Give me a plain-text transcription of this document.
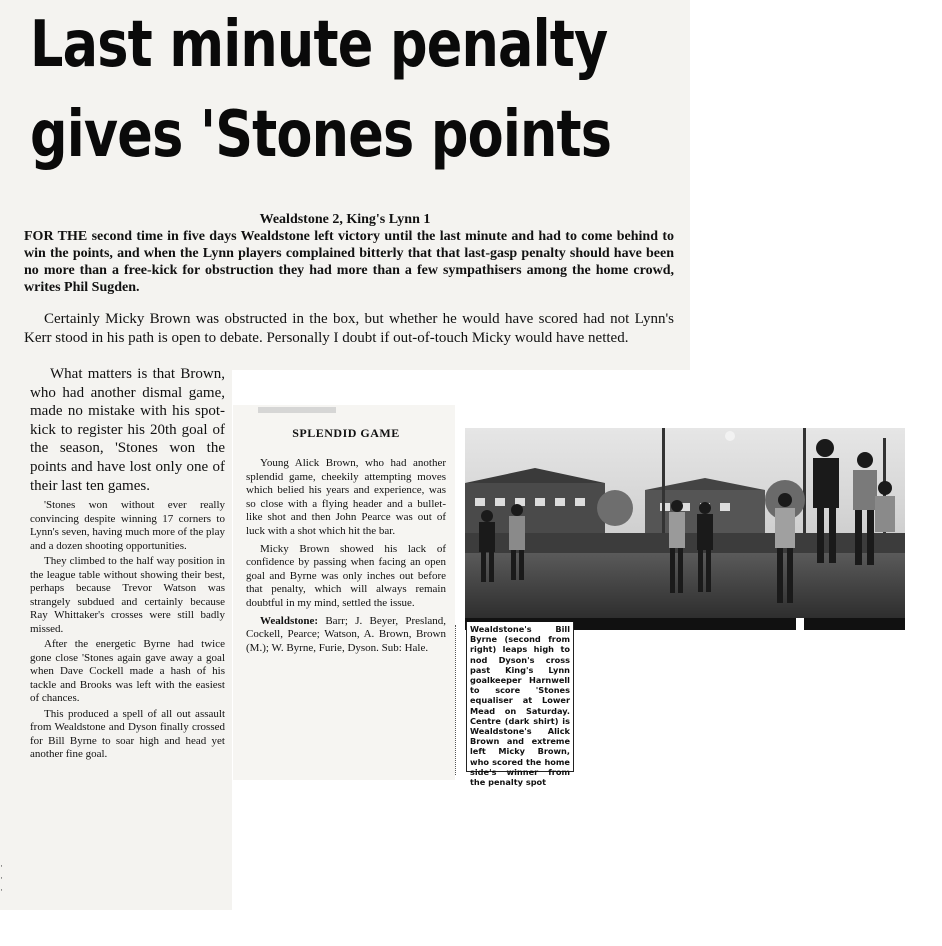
Last minute penalty
gives 'Stones points
Wealdstone 2, King's Lynn 1
FOR THE second time in five days Wealdstone left victory until the last minute and had to come behind to win the points, and when the Lynn players complained bitterly that that last-gasp penalty should have been no more than a free-kick for obstruction they had more than a few sympathisers among the home crowd, writes Phil Sugden.
Certainly Micky Brown was obstructed in the box, but whether he would have scored had not Lynn's Kerr stood in his path is open to debate. Personally I doubt if out-of-touch Micky would have netted.

What matters is that Brown, who had another dismal game, made no mistake with his spot-kick to register his 20th goal of the season, 'Stones won the points and have lost only one of their last ten games.

'Stones won without ever really convincing despite winning 17 corners to Lynn's seven, having much more of the play and a dozen shooting opportunities.

They climbed to the half way position in the league table without showing their best, perhaps because Trevor Watson was strangely subdued and certainly because Ray Whittaker's crosses were still badly missed.

After the energetic Byrne had twice gone close 'Stones again gave away a goal when Dave Cockell made a hash of his tackle and Brooks was left with the easiest of chances.

This produced a spell of all out assault from Wealdstone and Dyson finally crossed for Bill Byrne to soar high and head yet another fine goal.

SPLENDID GAME

Young Alick Brown, who had another splendid game, cheekily attempting moves which belied his years and experience, was so close with a flying header and a bullet-like shot and then John Pearce was out of luck with a shot which hit the bar.

Micky Brown showed his lack of confidence by passing when facing an open goal and Byrne was only inches out before that penalty, which will always remain doubtful in my mind, settled the issue.

Wealdstone: Barr; J. Beyer, Presland, Cockell, Pearce; Watson, A. Brown, Brown (M.); W. Byrne, Furie, Dyson. Sub: Hale.

Wealdstone's Bill Byrne (second from right) leaps high to nod Dyson's cross past King's Lynn goalkeeper Harnwell to score 'Stones equaliser at Lower Mead on Saturday. Centre (dark shirt) is Wealdstone's Alick Brown and extreme left Micky Brown, who scored the home side's winner from the penalty spot
·
·
·
